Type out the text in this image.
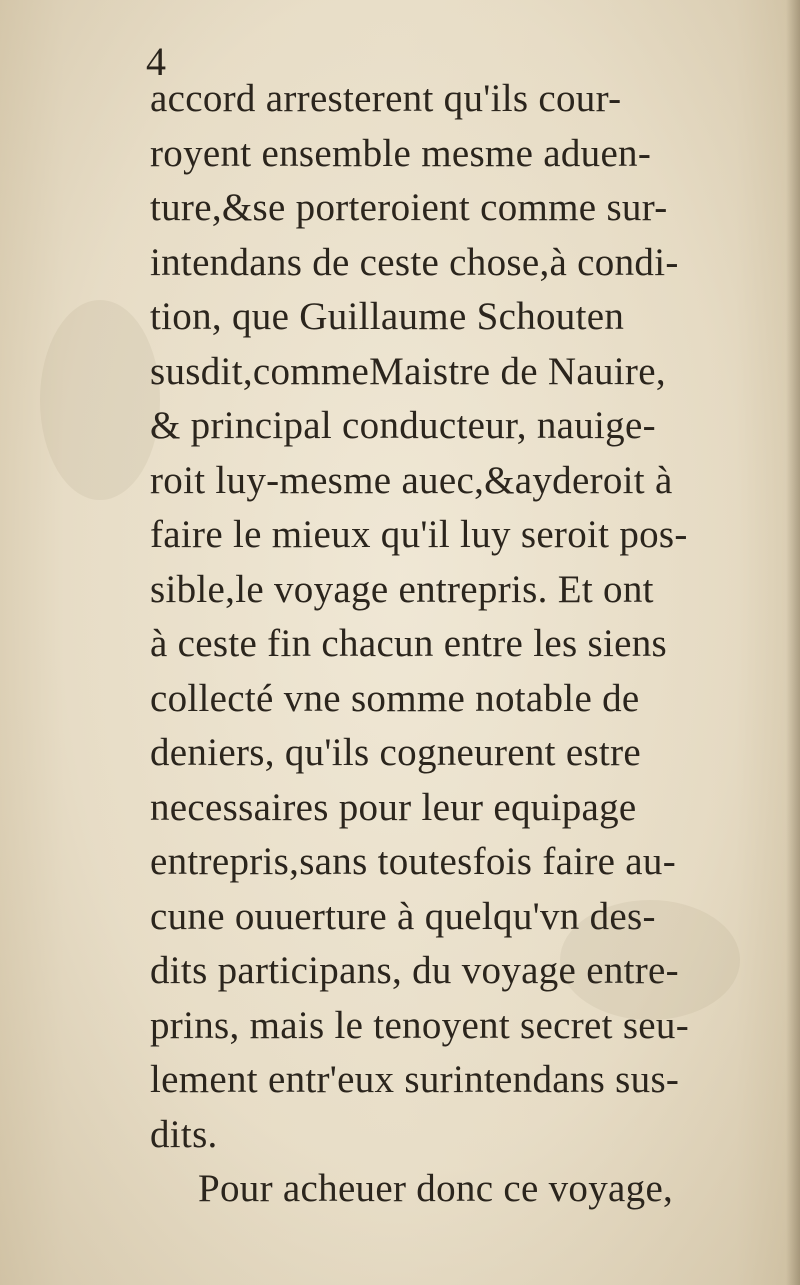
4
accord arresterent qu'ils cour-
royent ensemble mesme aduen-
ture,&se porteroient comme sur-
intendans de ceste chose,à condi-
tion, que Guillaume Schouten
susdit,commeMaistre de Nauire,
& principal conducteur, nauige-
roit luy-mesme auec,&ayderoit à
faire le mieux qu'il luy seroit pos-
sible,le voyage entrepris. Et ont
à ceste fin chacun entre les siens
collecté vne somme notable de
deniers, qu'ils cogneurent estre
necessaires pour leur equipage
entrepris,sans toutesfois faire au-
cune ouuerture à quelqu'vn des-
dits participans, du voyage entre-
prins, mais le tenoyent secret seu-
lement entr'eux surintendans sus-
dits.
Pour acheuer donc ce voyage,
